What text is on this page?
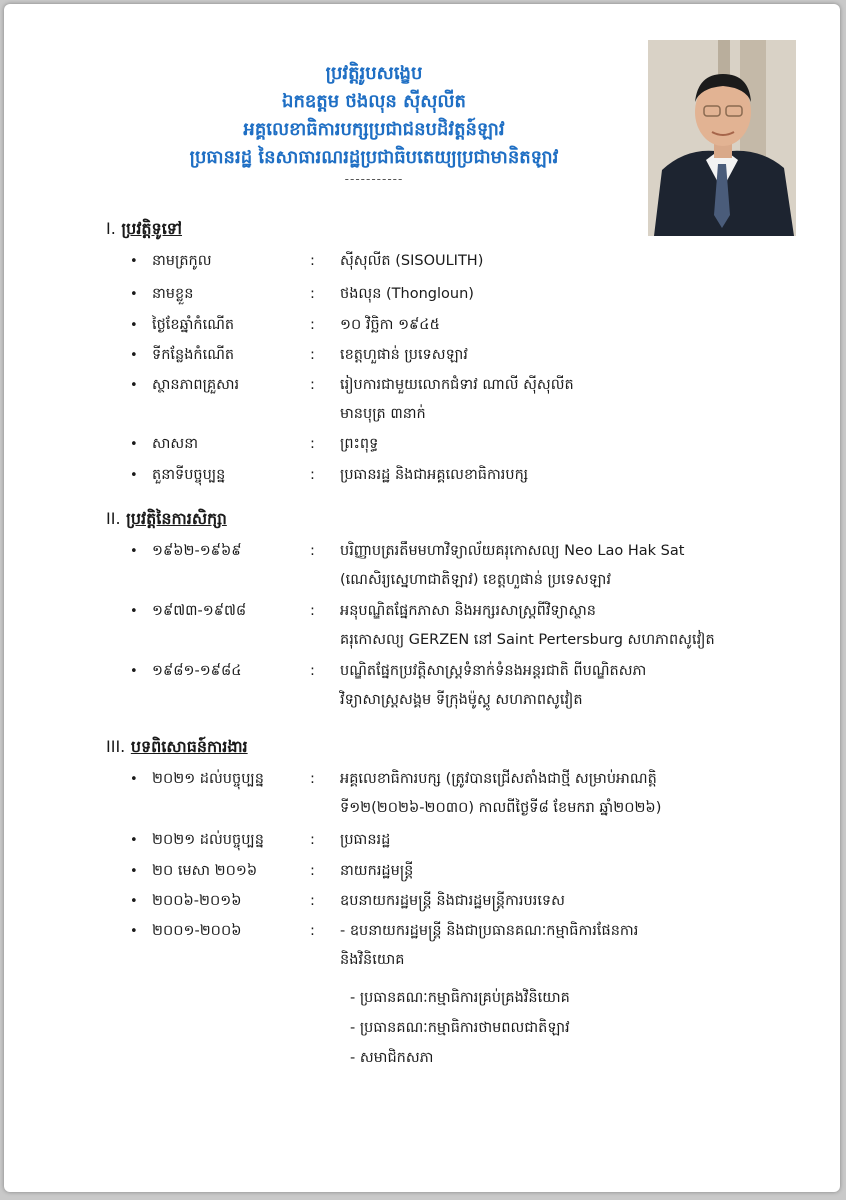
ប្រវត្តិរូបសង្ខេប
ឯកឧត្តម ថងលុន ស៊ីសុលីត
អគ្គលេខាធិការបក្សប្រជាជនបដិវត្តន៍ឡាវ
ប្រធានរដ្ឋ នៃសាធារណរដ្ឋប្រជាធិបតេយ្យប្រជាមានិតឡាវ
-----------
I. ប្រវត្តិទូទៅ
II. ប្រវត្តិនៃការសិក្សា
III. បទពិសោធន៍ការងារ
• នាមត្រកូល	: ស៊ីសុលីត (SISOULITH)
• នាមខ្លួន	: ថងលុន (Thongloun)
• ថ្ងៃខែឆ្នាំកំណើត	: ១០ វិច្ឆិកា ១៩៤៥
• ទីកន្លែងកំណើត	: ខេត្តហួផាន់ ប្រទេសឡាវ
• ស្ថានភាពគ្រួសារ	: រៀបការជាមួយលោកជំទាវ ណាលី ស៊ីសុលីត
មានបុត្រ ៣នាក់
• សាសនា	: ព្រះពុទ្ធ
• តួនាទីបច្ចុប្បន្ន	: ប្រធានរដ្ឋ និងជាអគ្គលេខាធិការបក្ស
• ១៩៦២-១៩៦៩	: បរិញ្ញាបត្ររតឹមមហាវិទ្យាល័យគរុកោសល្យ Neo Lao Hak Sat
(ណេសិរ្យស្នេហាជាតិឡាវ) ខេត្តហួផាន់ ប្រទេសឡាវ
• ១៩៧៣-១៩៧៨	: អនុបណ្ឌិតផ្នែកភាសា និងអក្សរសាស្ត្រពីវិទ្យាស្ថាន
គរុកោសល្យ GERZEN នៅ Saint Pertersburg សហភាពសូវៀត
• ១៩៨១-១៩៨៤	: បណ្ឌិតផ្នែកប្រវត្តិសាស្ត្រទំនាក់ទំនងអន្តរជាតិ ពីបណ្ឌិតសភា
វិទ្យាសាស្ត្រសង្គម ទីក្រុងម៉ូស្គូ សហភាពសូវៀត
• ២០២១ ដល់បច្ចុប្បន្ន	: អគ្គលេខាធិការបក្ស (ត្រូវបានជ្រើសតាំងជាថ្មី សម្រាប់អាណត្តិ
ទី១២(២០២៦-២០៣០) កាលពីថ្ងៃទី៨ ខែមករា ឆ្នាំ២០២៦)
• ២០២១ ដល់បច្ចុប្បន្ន	: ប្រធានរដ្ឋ
• ២០ មេសា ២០១៦	: នាយករដ្ឋមន្ត្រី
• ២០០៦-២០១៦	: ឧបនាយករដ្ឋមន្ត្រី និងជារដ្ឋមន្ត្រីការបរទេស
• ២០០១-២០០៦	: - ឧបនាយករដ្ឋមន្ត្រី និងជាប្រធានគណៈកម្មាធិការផែនការ
និងវិនិយោគ
- ប្រធានគណៈកម្មាធិការគ្រប់គ្រងវិនិយោគ
- ប្រធានគណៈកម្មាធិការថាមពលជាតិឡាវ
- សមាជិកសភា
